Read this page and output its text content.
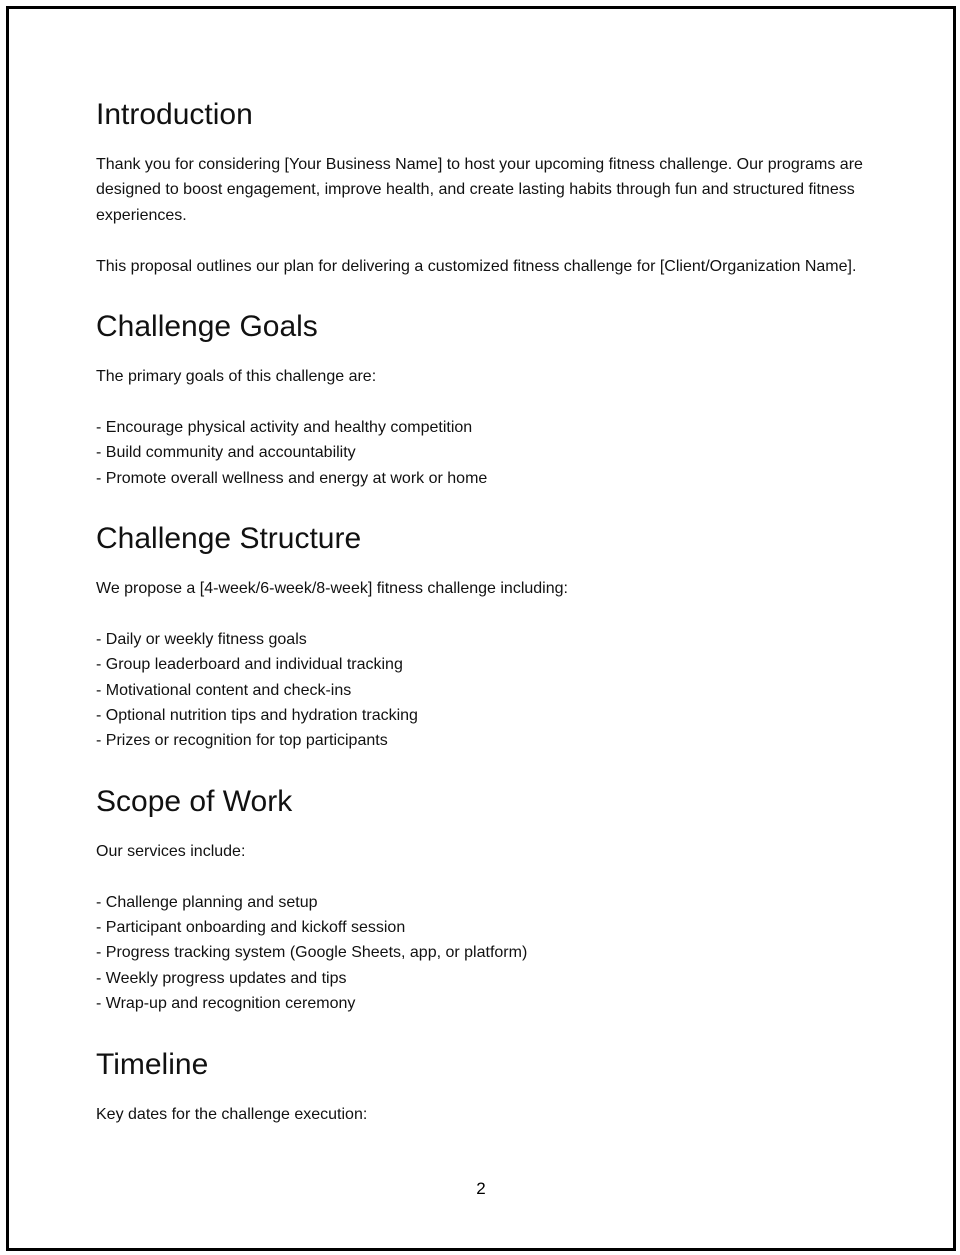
Introduction

Thank you for considering [Your Business Name] to host your upcoming fitness challenge. Our programs are designed to boost engagement, improve health, and create lasting habits through fun and structured fitness experiences.

This proposal outlines our plan for delivering a customized fitness challenge for [Client/Organization Name].

Challenge Goals

The primary goals of this challenge are:

- Encourage physical activity and healthy competition
- Build community and accountability
- Promote overall wellness and energy at work or home
Challenge Structure

We propose a [4-week/6-week/8-week] fitness challenge including:

- Daily or weekly fitness goals
- Group leaderboard and individual tracking
- Motivational content and check-ins
- Optional nutrition tips and hydration tracking
- Prizes or recognition for top participants
Scope of Work

Our services include:

- Challenge planning and setup
- Participant onboarding and kickoff session
- Progress tracking system (Google Sheets, app, or platform)
- Weekly progress updates and tips
- Wrap-up and recognition ceremony
Timeline

Key dates for the challenge execution:

2
